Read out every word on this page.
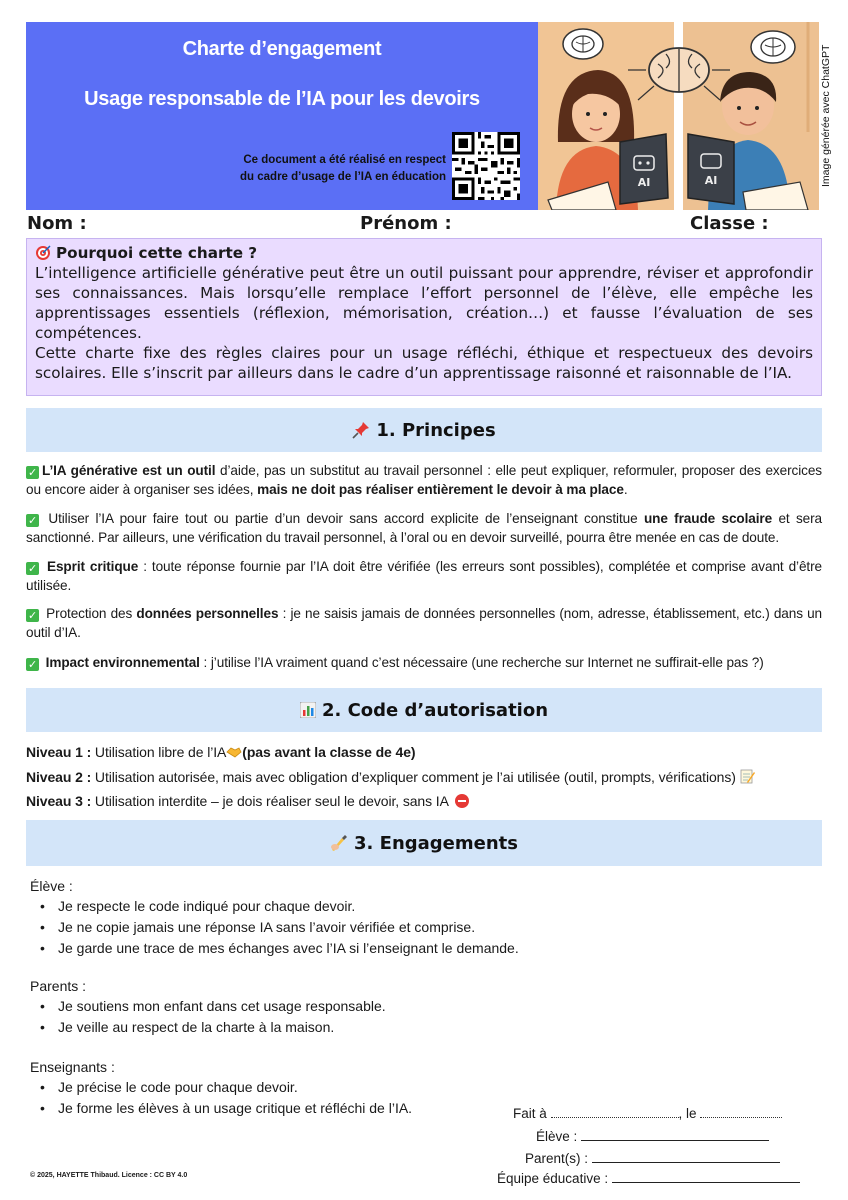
Charte d’engagement
Usage responsable de l’IA pour les devoirs
Ce document a été réalisé en respect
du cadre d’usage de l’IA en éducation	AI	AI	Image générée avec ChatGPT
Nom :	Prénom :	Classe :
Pourquoi cette charte ?

L’intelligence artificielle générative peut être un outil puissant pour apprendre, réviser et approfondir ses connaissances. Mais lorsqu’elle remplace l’effort personnel de l’élève, elle empêche les apprentissages essentiels (réflexion, mémorisation, création…) et fausse l’évaluation de ses compétences.

Cette charte fixe des règles claires pour un usage réfléchi, éthique et respectueux des devoirs scolaires. Elle s’inscrit par ailleurs dans le cadre d’un apprentissage raisonné et raisonnable de l’IA.

1. Principes

✓ L’IA générative est un outil d’aide, pas un substitut au travail personnel : elle peut expliquer, reformuler, proposer des exercices ou encore aider à organiser ses idées, mais ne doit pas réaliser entièrement le devoir à ma place.

✓ Utiliser l’IA pour faire tout ou partie d’un devoir sans accord explicite de l’enseignant constitue une fraude scolaire et sera sanctionné. Par ailleurs, une vérification du travail personnel, à l’oral ou en devoir surveillé, pourra être menée en cas de doute.

✓ Esprit critique : toute réponse fournie par l’IA doit être vérifiée (les erreurs sont possibles), complétée et comprise avant d’être utilisée.

✓ Protection des données personnelles : je ne saisis jamais de données personnelles (nom, adresse, établissement, etc.) dans un outil d’IA.

✓ Impact environnemental : j’utilise l’IA vraiment quand c’est nécessaire (une recherche sur Internet ne suffirait-elle pas ?)

2. Code d’autorisation
Niveau 1 : Utilisation libre de l’IA (pas avant la classe de 4e)
Niveau 2 : Utilisation autorisée, mais avec obligation d’expliquer comment je l’ai utilisée (outil, prompts, vérifications)
Niveau 3 : Utilisation interdite – je dois réaliser seul le devoir, sans IA
3. Engagements
Élève :
• Je respecte le code indiqué pour chaque devoir.
• Je ne copie jamais une réponse IA sans l’avoir vérifiée et comprise.
• Je garde une trace de mes échanges avec l’IA si l’enseignant le demande.
Parents :
• Je soutiens mon enfant dans cet usage responsable.
• Je veille au respect de la charte à la maison.
Enseignants :
• Je précise le code pour chaque devoir.
• Je forme les élèves à un usage critique et réfléchi de l’IA.	Fait à	, le
Élève :
Parent(s) :
Équipe éducative :
© 2025, HAYETTE Thibaud. Licence : CC BY 4.0
